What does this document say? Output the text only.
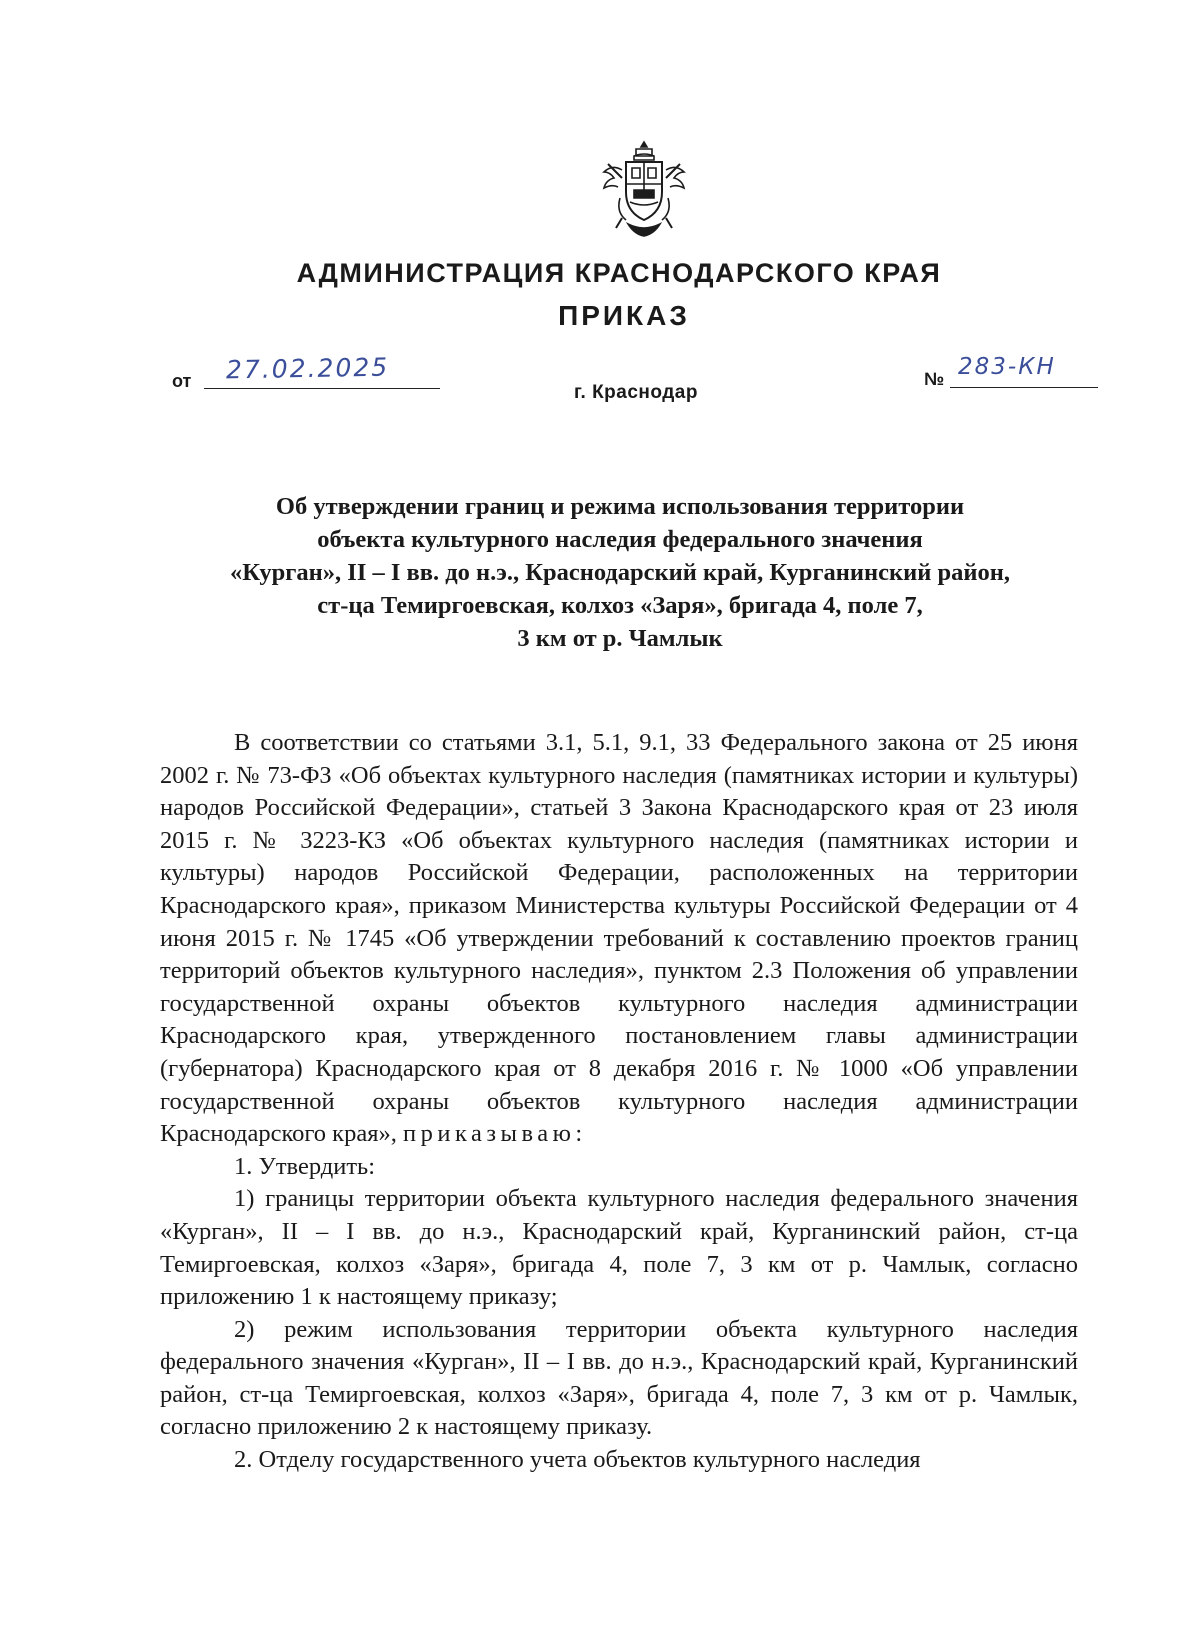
АДМИНИСТРАЦИЯ КРАСНОДАРСКОГО КРАЯ
ПРИКАЗ
от 27.02.2025	№ 283-КН
г. Краснодар
Об утверждении границ и режима использования территории
объекта культурного наследия федерального значения
«Курган», II – I вв. до н.э., Краснодарский край, Курганинский район,
ст-ца Темиргоевская, колхоз «Заря», бригада 4, поле 7,
3 км от р. Чамлык

В соответствии со статьями 3.1, 5.1, 9.1, 33 Федерального закона от 25 июня 2002 г. № 73-ФЗ «Об объектах культурного наследия (памятниках истории и культуры) народов Российской Федерации», статьей 3 Закона Краснодарского края от 23 июля 2015 г. № 3223-КЗ «Об объектах культурного наследия (памятниках истории и культуры) народов Российской Федерации, расположенных на территории Краснодарского края», приказом Министерства культуры Российской Федерации от 4 июня 2015 г. № 1745 «Об утверждении требований к составлению проектов границ территорий объектов культурного наследия», пунктом 2.3 Положения об управлении государственной охраны объектов культурного наследия администрации Краснодарского края, утвержденного постановлением главы администрации (губернатора) Краснодарского края от 8 декабря 2016 г. № 1000 «Об управлении государственной охраны объектов культурного наследия администрации Краснодарского края», приказываю:

1. Утвердить:

1) границы территории объекта культурного наследия федерального значения «Курган», II – I вв. до н.э., Краснодарский край, Курганинский район, ст-ца Темиргоевская, колхоз «Заря», бригада 4, поле 7, 3 км от р. Чамлык, согласно приложению 1 к настоящему приказу;

2) режим использования территории объекта культурного наследия федерального значения «Курган», II – I вв. до н.э., Краснодарский край, Курганинский район, ст-ца Темиргоевская, колхоз «Заря», бригада 4, поле 7, 3 км от р. Чамлык, согласно приложению 2 к настоящему приказу.

2. Отделу государственного учета объектов культурного наследия
